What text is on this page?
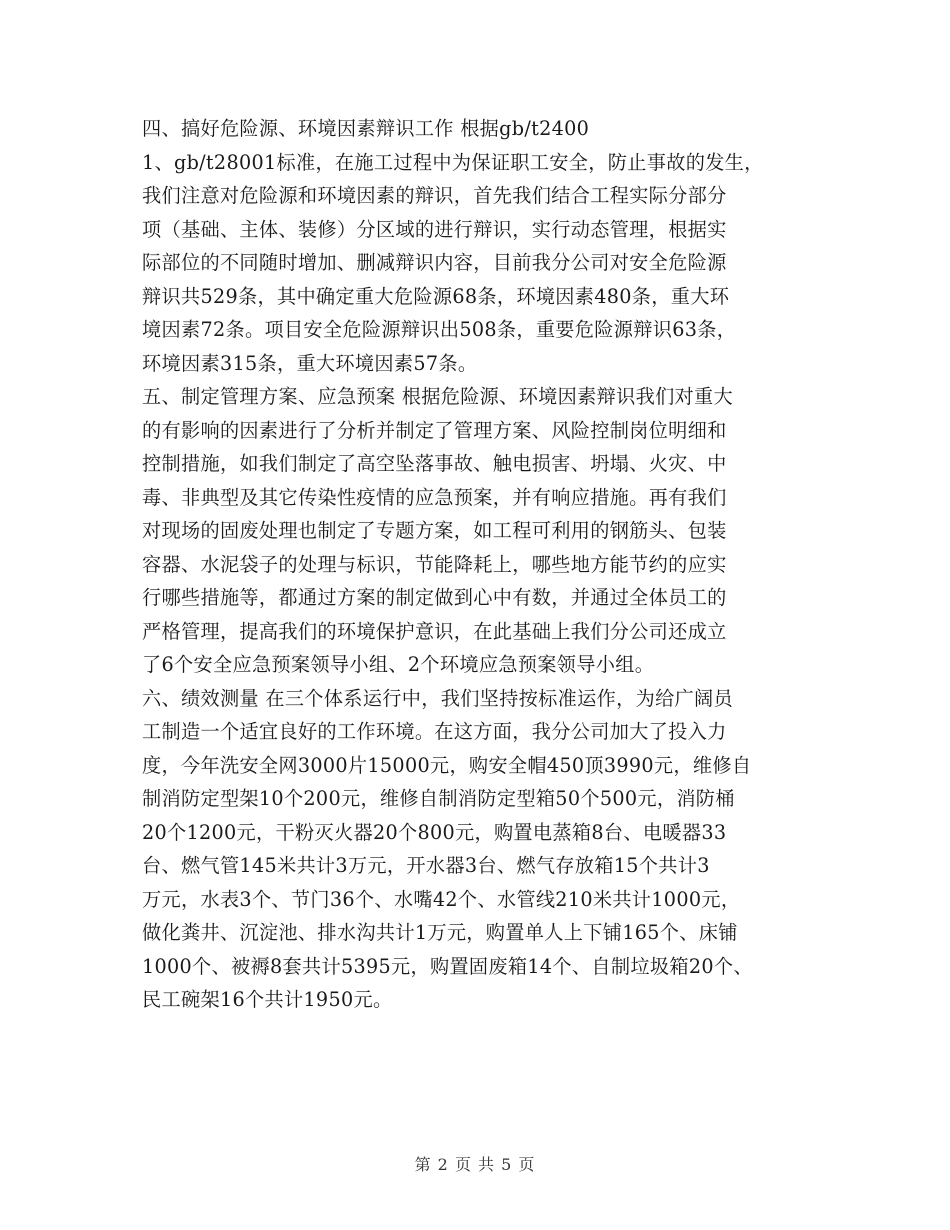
四、搞好危险源、环境因素辩识工作 根据gb/t2400
1、gb/t28001标准，在施工过程中为保证职工安全，防止事故的发生，
我们注意对危险源和环境因素的辩识，首先我们结合工程实际分部分
项（基础、主体、装修）分区域的进行辩识，实行动态管理，根据实
际部位的不同随时增加、删减辩识内容，目前我分公司对安全危险源
辩识共529条，其中确定重大危险源68条，环境因素480条，重大环
境因素72条。项目安全危险源辩识出508条，重要危险源辩识63条，
环境因素315条，重大环境因素57条。
五、制定管理方案、应急预案 根据危险源、环境因素辩识我们对重大
的有影响的因素进行了分析并制定了管理方案、风险控制岗位明细和
控制措施，如我们制定了高空坠落事故、触电损害、坍塌、火灾、中
毒、非典型及其它传染性疫情的应急预案，并有响应措施。再有我们
对现场的固废处理也制定了专题方案，如工程可利用的钢筋头、包装
容器、水泥袋子的处理与标识，节能降耗上，哪些地方能节约的应实
行哪些措施等，都通过方案的制定做到心中有数，并通过全体员工的
严格管理，提高我们的环境保护意识，在此基础上我们分公司还成立
了6个安全应急预案领导小组、2个环境应急预案领导小组。
六、绩效测量 在三个体系运行中，我们坚持按标准运作，为给广阔员
工制造一个适宜良好的工作环境。在这方面，我分公司加大了投入力
度，今年洗安全网3000片15000元，购安全帽450顶3990元，维修自
制消防定型架10个200元，维修自制消防定型箱50个500元，消防桶
20个1200元，干粉灭火器20个800元，购置电蒸箱8台、电暖器33
台、燃气管145米共计3万元，开水器3台、燃气存放箱15个共计3
万元，水表3个、节门36个、水嘴42个、水管线210米共计1000元，
做化粪井、沉淀池、排水沟共计1万元，购置单人上下铺165个、床铺
1000个、被褥8套共计5395元，购置固废箱14个、自制垃圾箱20个、
民工碗架16个共计1950元。
第 2 页 共 5 页
